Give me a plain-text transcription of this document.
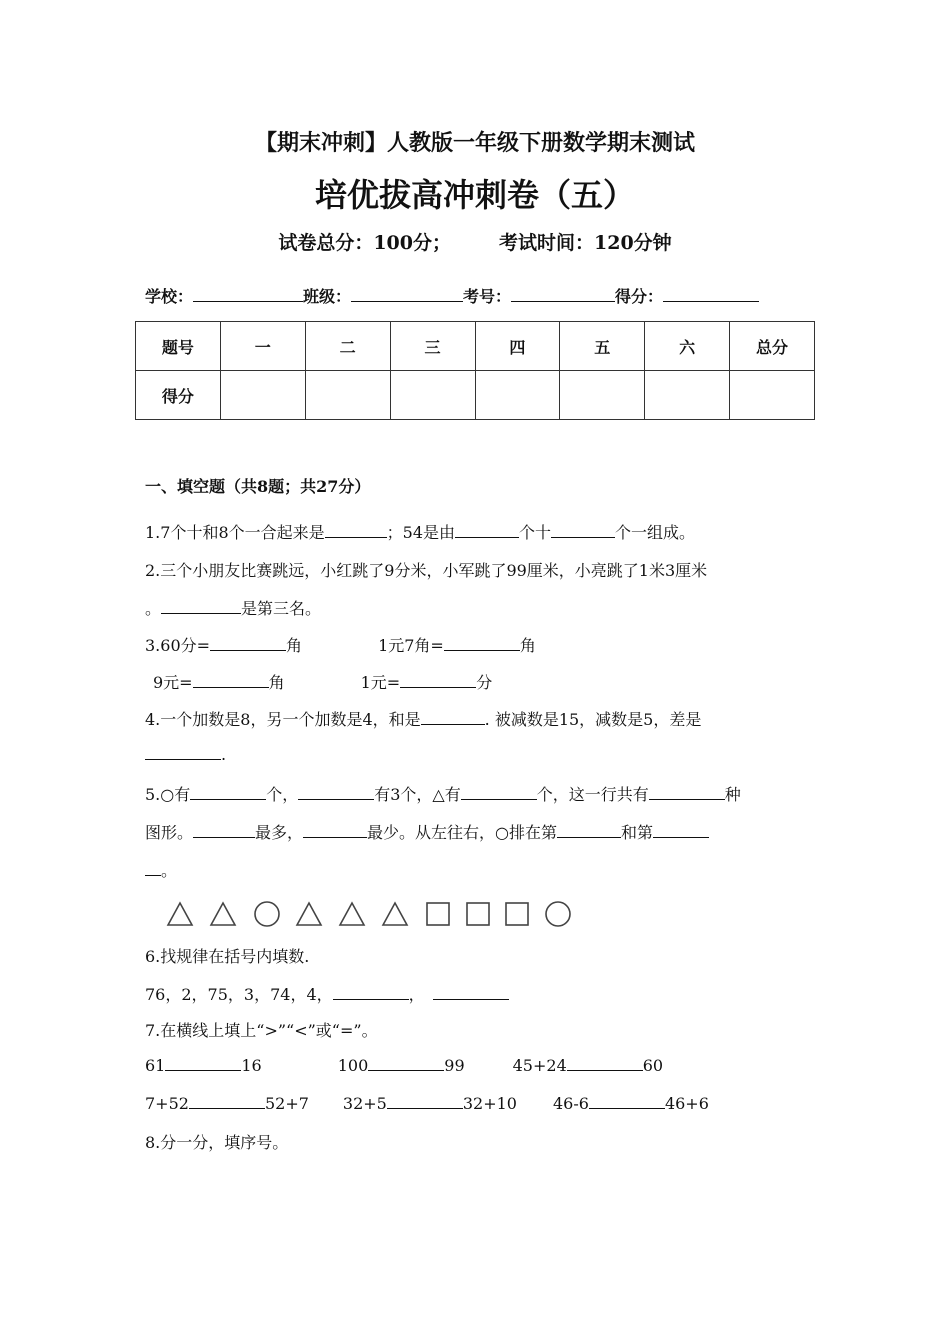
【期末冲刺】人教版一年级下册数学期末测试
培优拔高冲刺卷（五）
试卷总分：100分；	考试时间：120分钟
学校：	班级：	考号：	得分：
题号	一	二	三	四	五	六	总分
得分							
一、填空题（共8题；共27分）
1.7个十和8个一合起来是	；54是由	个十	个一组成。
2.三个小朋友比赛跳远，小红跳了9分米，小军跳了99厘米，小亮跳了1米3厘米
。	是第三名。
3.60分=	角	1元7角=	角
9元=	角	1元=	分
4.一个加数是8，另一个加数是4，和是	. 被减数是15，减数是5，差是
.
5.○有	个，	有3个，△有	个，这一行共有	种
图形。	最多，	最少。从左往右，○排在第	和第
。
6.找规律在括号内填数.
76，2，75，3，74，4，	，
7.在横线上填上“>”“<”或“=”。
61	16	100	99	45+24	60
7+52	52+7 32+5	32+10 46-6	46+6
8.分一分，填序号。
